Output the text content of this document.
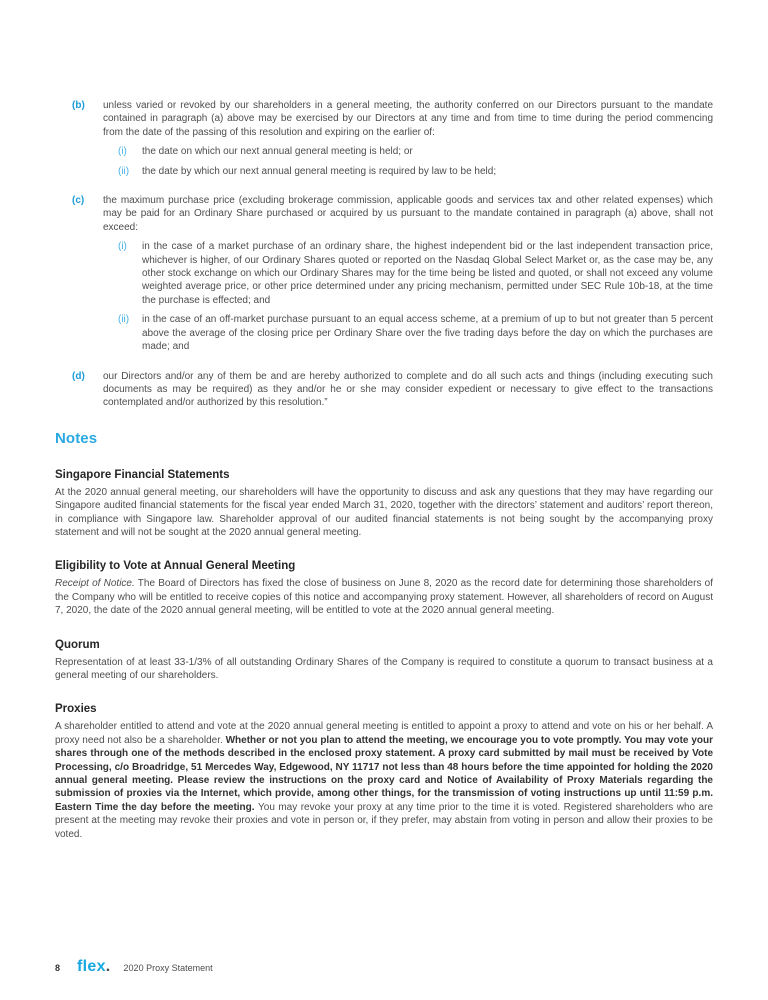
(b)	unless varied or revoked by our shareholders in a general meeting, the authority conferred on our Directors pursuant to the mandate contained in paragraph (a) above may be exercised by our Directors at any time and from time to time during the period commencing from the date of the passing of this resolution and expiring on the earlier of:
(i)	the date on which our next annual general meeting is held; or
(ii)	the date by which our next annual general meeting is required by law to be held;
(c)	the maximum purchase price (excluding brokerage commission, applicable goods and services tax and other related expenses) which may be paid for an Ordinary Share purchased or acquired by us pursuant to the mandate contained in paragraph (a) above, shall not exceed:
(i)	in the case of a market purchase of an ordinary share, the highest independent bid or the last independent transaction price, whichever is higher, of our Ordinary Shares quoted or reported on the Nasdaq Global Select Market or, as the case may be, any other stock exchange on which our Ordinary Shares may for the time being be listed and quoted, or shall not exceed any volume weighted average price, or other price determined under any pricing mechanism, permitted under SEC Rule 10b-18, at the time the purchase is effected; and
(ii)	in the case of an off-market purchase pursuant to an equal access scheme, at a premium of up to but not greater than 5 percent above the average of the closing price per Ordinary Share over the five trading days before the day on which the purchases are made; and
(d)	our Directors and/or any of them be and are hereby authorized to complete and do all such acts and things (including executing such documents as may be required) as they and/or he or she may consider expedient or necessary to give effect to the transactions contemplated and/or authorized by this resolution.”
Notes
Singapore Financial Statements

At the 2020 annual general meeting, our shareholders will have the opportunity to discuss and ask any questions that they may have regarding our Singapore audited financial statements for the fiscal year ended March 31, 2020, together with the directors’ statement and auditors’ report thereon, in compliance with Singapore law. Shareholder approval of our audited financial statements is not being sought by the accompanying proxy statement and will not be sought at the 2020 annual general meeting.

Eligibility to Vote at Annual General Meeting

Receipt of Notice. The Board of Directors has fixed the close of business on June 8, 2020 as the record date for determining those shareholders of the Company who will be entitled to receive copies of this notice and accompanying proxy statement. However, all shareholders of record on August 7, 2020, the date of the 2020 annual general meeting, will be entitled to vote at the 2020 annual general meeting.

Quorum

Representation of at least 33-1/3% of all outstanding Ordinary Shares of the Company is required to constitute a quorum to transact business at a general meeting of our shareholders.

Proxies

A shareholder entitled to attend and vote at the 2020 annual general meeting is entitled to appoint a proxy to attend and vote on his or her behalf. A proxy need not also be a shareholder. Whether or not you plan to attend the meeting, we encourage you to vote promptly. You may vote your shares through one of the methods described in the enclosed proxy statement. A proxy card submitted by mail must be received by Vote Processing, c/o Broadridge, 51 Mercedes Way, Edgewood, NY 11717 not less than 48 hours before the time appointed for holding the 2020 annual general meeting. Please review the instructions on the proxy card and Notice of Availability of Proxy Materials regarding the submission of proxies via the Internet, which provide, among other things, for the transmission of voting instructions up until 11:59 p.m. Eastern Time the day before the meeting. You may revoke your proxy at any time prior to the time it is voted. Registered shareholders who are present at the meeting may revoke their proxies and vote in person or, if they prefer, may abstain from voting in person and allow their proxies to be voted.

8 flex. 2020 Proxy Statement
